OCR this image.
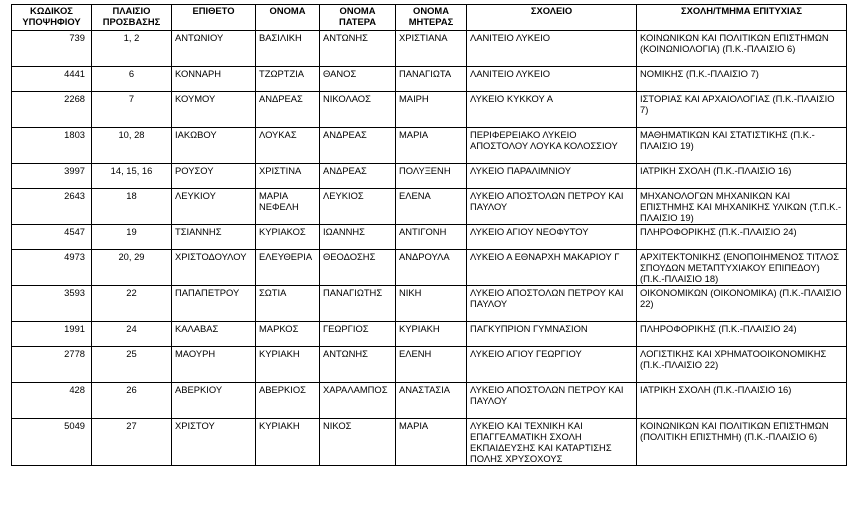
ΚΩΔΙΚΟΣ ΥΠΟΨΗΦΙΟΥ	ΠΛΑΙΣΙΟ ΠΡΟΣΒΑΣΗΣ	ΕΠΙΘΕΤΟ	ΟΝΟΜΑ	ΟΝΟΜΑ ΠΑΤΕΡΑ	ΟΝΟΜΑ ΜΗΤΕΡΑΣ	ΣΧΟΛΕΙΟ	ΣΧΟΛΗ/ΤΜΗΜΑ ΕΠΙΤΥΧΙΑΣ
739	1, 2	ΑΝΤΩΝΙΟΥ	ΒΑΣΙΛΙΚΗ	ΑΝΤΩΝΗΣ	ΧΡΙΣΤΙΑΝΑ	ΛΑΝΙΤΕΙΟ ΛΥΚΕΙΟ	ΚΟΙΝΩΝΙΚΩΝ ΚΑΙ ΠΟΛΙΤΙΚΩΝ ΕΠΙΣΤΗΜΩΝ (ΚΟΙΝΩΝΙΟΛΟΓΙΑ) (Π.Κ.-ΠΛΑΙΣΙΟ 6)
4441	6	ΚΟΝΝΑΡΗ	ΤΖΩΡΤΖΙΑ	ΘΑΝΟΣ	ΠΑΝΑΓΙΩΤΑ	ΛΑΝΙΤΕΙΟ ΛΥΚΕΙΟ	ΝΟΜΙΚΗΣ (Π.Κ.-ΠΛΑΙΣΙΟ 7)
2268	7	ΚΟΥΜΟΥ	ΑΝΔΡΕΑΣ	ΝΙΚΟΛΑΟΣ	ΜΑΙΡΗ	ΛΥΚΕΙΟ ΚΥΚΚΟΥ Α	ΙΣΤΟΡΙΑΣ ΚΑΙ ΑΡΧΑΙΟΛΟΓΙΑΣ (Π.Κ.-ΠΛΑΙΣΙΟ 7)
1803	10, 28	ΙΑΚΩΒΟΥ	ΛΟΥΚΑΣ	ΑΝΔΡΕΑΣ	ΜΑΡΙΑ	ΠΕΡΙΦΕΡΕΙΑΚΟ ΛΥΚΕΙΟ ΑΠΟΣΤΟΛΟΥ ΛΟΥΚΑ ΚΟΛΟΣΣΙΟΥ	ΜΑΘΗΜΑΤΙΚΩΝ ΚΑΙ ΣΤΑΤΙΣΤΙΚΗΣ (Π.Κ.-ΠΛΑΙΣΙΟ 19)
3997	14, 15, 16	ΡΟΥΣΟΥ	ΧΡΙΣΤΙΝΑ	ΑΝΔΡΕΑΣ	ΠΟΛΥΞΕΝΗ	ΛΥΚΕΙΟ ΠΑΡΑΛΙΜΝΙΟΥ	ΙΑΤΡΙΚΗ ΣΧΟΛΗ (Π.Κ.-ΠΛΑΙΣΙΟ 16)
2643	18	ΛΕΥΚΙΟΥ	ΜΑΡΙΑ ΝΕΦΕΛΗ	ΛΕΥΚΙΟΣ	ΕΛΕΝΑ	ΛΥΚΕΙΟ ΑΠΟΣΤΟΛΩΝ ΠΕΤΡΟΥ ΚΑΙ ΠΑΥΛΟΥ	ΜΗΧΑΝΟΛΟΓΩΝ ΜΗΧΑΝΙΚΩΝ ΚΑΙ ΕΠΙΣΤΗΜΗΣ ΚΑΙ ΜΗΧΑΝΙΚΗΣ ΥΛΙΚΩΝ (Τ.Π.Κ.-ΠΛΑΙΣΙΟ 19)
4547	19	ΤΣΙΑΝΝΗΣ	ΚΥΡΙΑΚΟΣ	ΙΩΑΝΝΗΣ	ΑΝΤΙΓΟΝΗ	ΛΥΚΕΙΟ ΑΓΙΟΥ ΝΕΟΦΥΤΟΥ	ΠΛΗΡΟΦΟΡΙΚΗΣ (Π.Κ.-ΠΛΑΙΣΙΟ 24)
4973	20, 29	ΧΡΙΣΤΟΔΟΥΛΟΥ	ΕΛΕΥΘΕΡΙΑ	ΘΕΟΔΟΣΗΣ	ΑΝΔΡΟΥΛΑ	ΛΥΚΕΙΟ Α ΕΘΝΑΡΧΗ ΜΑΚΑΡΙΟΥ Γ	ΑΡΧΙΤΕΚΤΟΝΙΚΗΣ (ΕΝΟΠΟΙΗΜΕΝΟΣ ΤΙΤΛΟΣ ΣΠΟΥΔΩΝ ΜΕΤΑΠΤΥΧΙΑΚΟΥ ΕΠΙΠΕΔΟΥ) (Π.Κ.-ΠΛΑΙΣΙΟ 18)
3593	22	ΠΑΠΑΠΕΤΡΟΥ	ΣΩΤΙΑ	ΠΑΝΑΓΙΩΤΗΣ	ΝΙΚΗ	ΛΥΚΕΙΟ ΑΠΟΣΤΟΛΩΝ ΠΕΤΡΟΥ ΚΑΙ ΠΑΥΛΟΥ	ΟΙΚΟΝΟΜΙΚΩΝ (ΟΙΚΟΝΟΜΙΚΑ) (Π.Κ.-ΠΛΑΙΣΙΟ 22)
1991	24	ΚΑΛΑΒΑΣ	ΜΑΡΚΟΣ	ΓΕΩΡΓΙΟΣ	ΚΥΡΙΑΚΗ	ΠΑΓΚΥΠΡΙΟΝ ΓΥΜΝΑΣΙΟΝ	ΠΛΗΡΟΦΟΡΙΚΗΣ (Π.Κ.-ΠΛΑΙΣΙΟ 24)
2778	25	ΜΑΟΥΡΗ	ΚΥΡΙΑΚΗ	ΑΝΤΩΝΗΣ	ΕΛΕΝΗ	ΛΥΚΕΙΟ ΑΓΙΟΥ ΓΕΩΡΓΙΟΥ	ΛΟΓΙΣΤΙΚΗΣ ΚΑΙ ΧΡΗΜΑΤΟΟΙΚΟΝΟΜΙΚΗΣ (Π.Κ.-ΠΛΑΙΣΙΟ 22)
428	26	ΑΒΕΡΚΙΟΥ	ΑΒΕΡΚΙΟΣ	ΧΑΡΑΛΑΜΠΟΣ	ΑΝΑΣΤΑΣΙΑ	ΛΥΚΕΙΟ ΑΠΟΣΤΟΛΩΝ ΠΕΤΡΟΥ ΚΑΙ ΠΑΥΛΟΥ	ΙΑΤΡΙΚΗ ΣΧΟΛΗ (Π.Κ.-ΠΛΑΙΣΙΟ 16)
5049	27	ΧΡΙΣΤΟΥ	ΚΥΡΙΑΚΗ	ΝΙΚΟΣ	ΜΑΡΙΑ	ΛΥΚΕΙΟ ΚΑΙ ΤΕΧΝΙΚΗ ΚΑΙ ΕΠΑΓΓΕΛΜΑΤΙΚΗ ΣΧΟΛΗ ΕΚΠΑΙΔΕΥΣΗΣ ΚΑΙ ΚΑΤΑΡΤΙΣΗΣ ΠΟΛΗΣ ΧΡΥΣΟΧΟΥΣ	ΚΟΙΝΩΝΙΚΩΝ ΚΑΙ ΠΟΛΙΤΙΚΩΝ ΕΠΙΣΤΗΜΩΝ (ΠΟΛΙΤΙΚΗ ΕΠΙΣΤΗΜΗ) (Π.Κ.-ΠΛΑΙΣΙΟ 6)
